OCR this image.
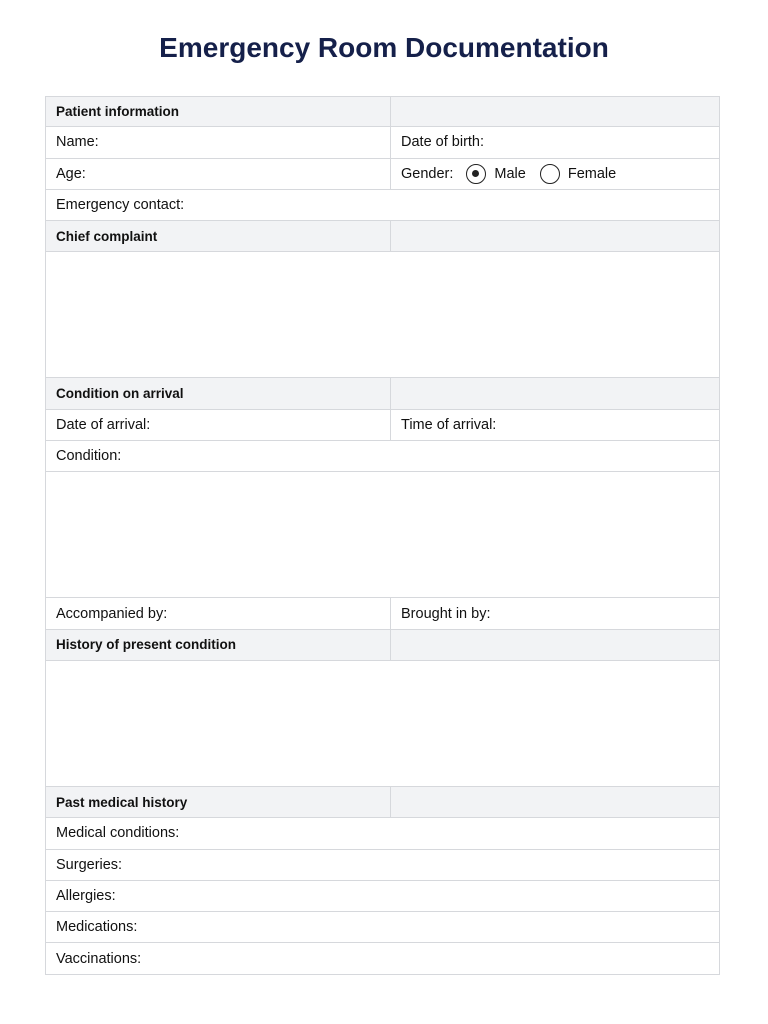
Emergency Room Documentation
Patient information
Name:	Date of birth:
Age:	Gender:	Male	Female
Emergency contact:
Chief complaint
Condition on arrival
Date of arrival:	Time of arrival:
Condition:
Accompanied by:	Brought in by:
History of present condition
Past medical history
Medical conditions:
Surgeries:
Allergies:
Medications:
Vaccinations:
